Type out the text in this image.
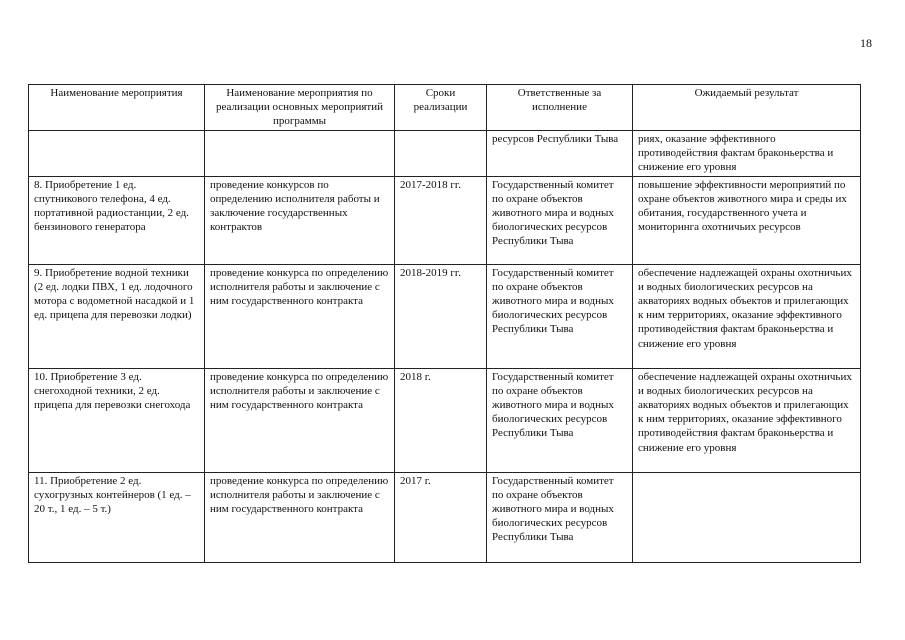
18
Наименование мероприятия	Наименование мероприятия по реализации основных мероприятий программы	Сроки реализации	Ответственные за исполнение	Ожидаемый результат
			ресурсов Республики Тыва	рияx, оказание эффективного противодействия фактам браконьерства и снижение его уровня
8. Приобретение 1 ед. спутникового телефона, 4 ед. портативной радиостанции, 2 ед. бензинового генератора	проведение конкурсов по определению исполнителя работы и заключение государственных контрактов	2017-2018 гг.	Государственный комитет по охране объектов животного мира и водных биологических ресурсов Республики Тыва	повышение эффективности мероприятий по охране объектов животного мира и среды их обитания, государственного учета и мониторинга охотничьих ресурсов
9. Приобретение водной техники (2 ед. лодки ПВХ, 1 ед. лодочного мотора с водометной насадкой и 1 ед. прицепа для перевозки лодки)	проведение конкурса по определению исполнителя работы и заключение с ним государственного контракта	2018-2019 гг.	Государственный комитет по охране объектов животного мира и водных биологических ресурсов Республики Тыва	обеспечение надлежащей охраны охотничьих и водных биологических ресурсов на акваториях водных объектов и прилегающих к ним территориях, оказание эффективного противодействия фактам браконьерства и снижение его уровня
10. Приобретение 3 ед. снегоходной техники, 2 ед. прицепа для перевозки снегохода	проведение конкурса по определению исполнителя работы и заключение с ним государственного контракта	2018 г.	Государственный комитет по охране объектов животного мира и водных биологических ресурсов Республики Тыва	обеспечение надлежащей охраны охотничьих и водных биологических ресурсов на акваториях водных объектов и прилегающих к ним территориях, оказание эффективного противодействия фактам браконьерства и снижение его уровня
11. Приобретение 2 ед. сухогрузных контейнеров (1 ед. – 20 т., 1 ед. – 5 т.)	проведение конкурса по определению исполнителя работы и заключение с ним государственного контракта	2017 г.	Государственный комитет по охране объектов животного мира и водных биологических ресурсов Республики Тыва	
